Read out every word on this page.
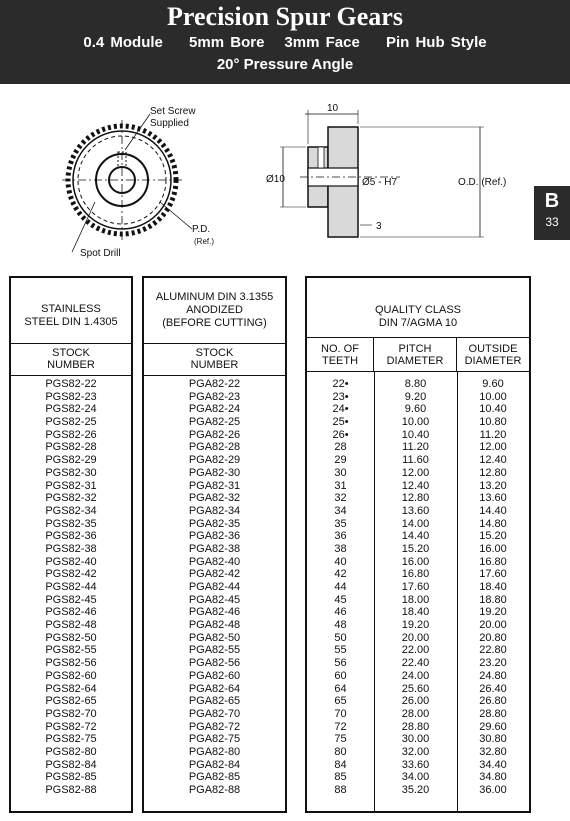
Precision Spur Gears
0.4 Module 5mm Bore 3mm Face Pin Hub Style
20° Pressure Angle
B
33
Set Screw
Supplied
P.D.
(Ref.)
Spot Drill
10
Ø10	Ø5 - H7	O.D. (Ref.)
3
STAINLESS
STEEL DIN 1.4305
STOCK
NUMBER
PGS82-22
PGS82-23
PGS82-24
PGS82-25
PGS82-26
PGS82-28
PGS82-29
PGS82-30
PGS82-31
PGS82-32
PGS82-34
PGS82-35
PGS82-36
PGS82-38
PGS82-40
PGS82-42
PGS82-44
PGS82-45
PGS82-46
PGS82-48
PGS82-50
PGS82-55
PGS82-56
PGS82-60
PGS82-64
PGS82-65
PGS82-70
PGS82-72
PGS82-75
PGS82-80
PGS82-84
PGS82-85
PGS82-88
ALUMINUM DIN 3.1355
ANODIZED
(BEFORE CUTTING)
STOCK
NUMBER
PGA82-22
PGA82-23
PGA82-24
PGA82-25
PGA82-26
PGA82-28
PGA82-29
PGA82-30
PGA82-31
PGA82-32
PGA82-34
PGA82-35
PGA82-36
PGA82-38
PGA82-40
PGA82-42
PGA82-44
PGA82-45
PGA82-46
PGA82-48
PGA82-50
PGA82-55
PGA82-56
PGA82-60
PGA82-64
PGA82-65
PGA82-70
PGA82-72
PGA82-75
PGA82-80
PGA82-84
PGA82-85
PGA82-88
QUALITY CLASS
DIN 7/AGMA 10
NO. OF
TEETH
PITCH
DIAMETER
OUTSIDE
DIAMETER
22•
23•
24•
25•
26•
28
29
30
31
32
34
35
36
38
40
42
44
45
46
48
50
55
56
60
64
65
70
72
75
80
84
85
88
8.80
9.20
9.60
10.00
10.40
11.20
11.60
12.00
12.40
12.80
13.60
14.00
14.40
15.20
16.00
16.80
17.60
18.00
18.40
19.20
20.00
22.00
22.40
24.00
25.60
26.00
28.00
28.80
30.00
32.00
33.60
34.00
35.20
9.60
10.00
10.40
10.80
11.20
12.00
12.40
12.80
13.20
13.60
14.40
14.80
15.20
16.00
16.80
17.60
18.40
18.80
19.20
20.00
20.80
22.80
23.20
24.80
26.40
26.80
28.80
29.60
30.80
32.80
34.40
34.80
36.00
